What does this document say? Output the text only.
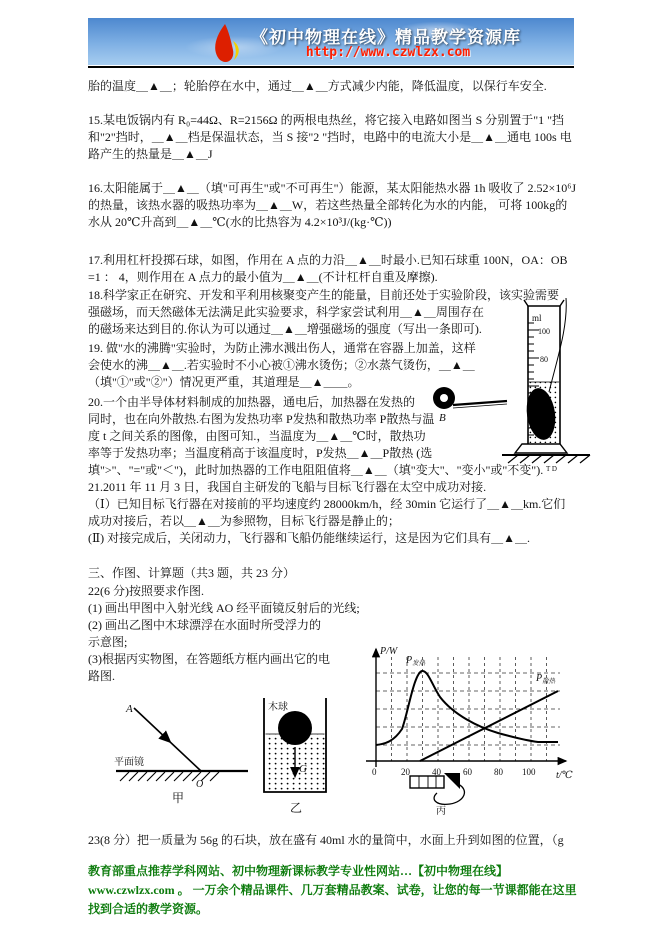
《初中物理在线》精品教学资源库
http://www.czwlzx.com
胎的温度＿▲＿；轮胎停在水中，通过＿▲＿方式减少内能，降低温度，以保行车安全.
15.某电饭锅内有 R₀=44Ω、R=2156Ω 的两根电热丝，将它接入电路如图当 S 分别置于"1 "挡
和"2"挡时，＿▲＿档是保温状态，当 S 接"2 "挡时，电路中的电流大小是＿▲＿通电 100s 电
路产生的热量是＿▲＿J
16.太阳能属于＿▲＿（填"可再生"或"不可再生"）能源，某太阳能热水器 1h 吸收了 2.52×10⁶J
的热量，该热水器的吸热功率为＿▲＿W，若这些热量全部转化为水的内能， 可将 100kg的
水从 20℃升高到＿▲＿℃(水的比热容为 4.2×10³J/(kg·℃))
17.利用杠杆投掷石球，如图，作用在 A 点的力沿＿▲＿时最小.已知石球重 100N，OA：OB
=1 ： 4，则作用在 A 点力的最小值为＿▲＿(不计杠杆自重及摩擦).
18.科学家正在研究、开发和平利用核聚变产生的能量，目前还处于实验阶段，该实验需要
强磁场，而天然磁体无法满足此实验要求，科学家尝试利用＿▲＿周围存在
的磁场来达到目的.你认为可以通过＿▲＿增强磁场的强度（写出一条即可).
19. 做"水的沸腾"实验时，为防止沸水溅出伤人，通常在容器上加盖，这样
会使水的沸＿▲＿.若实验时不小心被①沸水烫伤；②水蒸气烫伤，＿▲＿
（填"①"或"②"）情况更严重，其道理是＿▲＿＿。
20.一个由半导体材料制成的加热器，通电后，加热器在发热的
同时，也在向外散热.右图为发热功率 P发热和散热功率 P散热与温
度 t 之间关系的图像，由图可知.，当温度为＿▲＿℃时，散热功
率等于发热功率；当温度稍高于该温度时，P发热＿▲＿P散热 (选
填">"、"="或"＜")，此时加热器的工作电阻阻值将＿▲＿（填"变大"、"变小"或"不变").
21.2011 年 11 月 3 日，我国自主研发的飞船与目标飞行器在太空中成功对接.
（Ⅰ）已知目标飞行器在对接前的平均速度约 28000km/h，经 30min 它运行了＿▲＿km.它们
成功对接后，若以＿▲＿为参照物，目标飞行器是静止的；
(Ⅱ) 对接完成后，关闭动力，飞行器和飞船仍能继续运行，这是因为它们具有＿▲＿.
三、作图、计算题（共3 题，共 23 分）
22(6 分)按照要求作图.
(1) 画出甲图中入射光线 AO 经平面镜反射后的光线;
(2) 画出乙图中木球漂浮在水面时所受浮力的
示意图;
(3)根据丙实物图，在答题纸方框内画出它的电
路图.
23(8 分）把一质量为 56g 的石块，放在盛有 40ml 水的量筒中，水面上升到如图的位置，（g
B
ml
100
80
T D
P/W
t/℃
$P_{发热}$
$P_{散热}$
0	20 40 60 80 100
A
平面镜
O
甲
木球
G
乙	丙
教育部重点推荐学科网站、初中物理新课标教学专业性网站…【初中物理在线】www.czwlzx.com 。 一万余个精品课件、几万套精品教案、试卷，让您的每一节课都能在这里找到合适的教学资源。
